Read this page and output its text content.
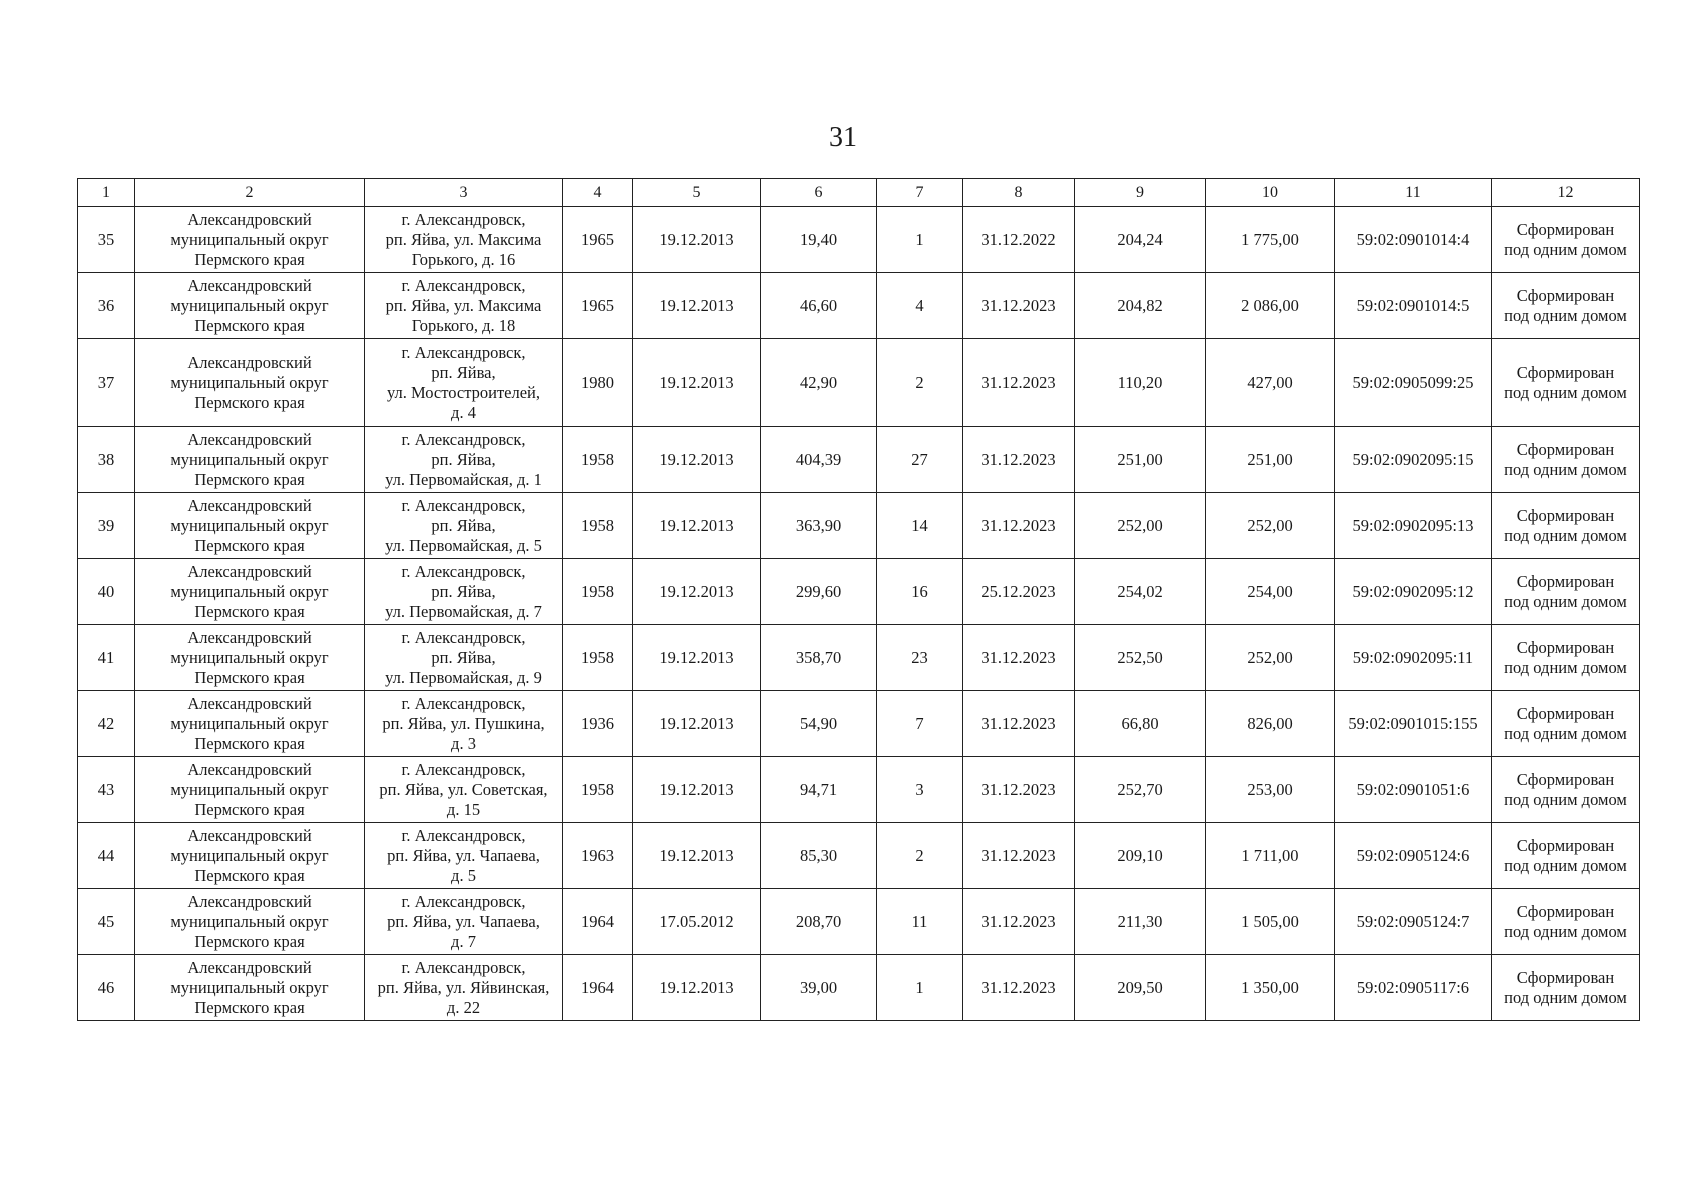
31
1	2	3	4	5	6	7	8	9	10	11	12

35	Александровский
муниципальный округ
Пермского края	г. Александровск,
рп. Яйва, ул. Максима
Горького, д. 16	1965	19.12.2013	19,40	1	31.12.2022	204,24	1 775,00	59:02:0901014:4	Сформирован
под одним домом

36	Александровский
муниципальный округ
Пермского края	г. Александровск,
рп. Яйва, ул. Максима
Горького, д. 18	1965	19.12.2013	46,60	4	31.12.2023	204,82	2 086,00	59:02:0901014:5	Сформирован
под одним домом

37	Александровский
муниципальный округ
Пермского края	г. Александровск,
рп. Яйва,
ул. Мостостроителей,
д. 4	1980	19.12.2013	42,90	2	31.12.2023	110,20	427,00	59:02:0905099:25	Сформирован
под одним домом

38	Александровский
муниципальный округ
Пермского края	г. Александровск,
рп. Яйва,
ул. Первомайская, д. 1	1958	19.12.2013	404,39	27	31.12.2023	251,00	251,00	59:02:0902095:15	Сформирован
под одним домом

39	Александровский
муниципальный округ
Пермского края	г. Александровск,
рп. Яйва,
ул. Первомайская, д. 5	1958	19.12.2013	363,90	14	31.12.2023	252,00	252,00	59:02:0902095:13	Сформирован
под одним домом

40	Александровский
муниципальный округ
Пермского края	г. Александровск,
рп. Яйва,
ул. Первомайская, д. 7	1958	19.12.2013	299,60	16	25.12.2023	254,02	254,00	59:02:0902095:12	Сформирован
под одним домом

41	Александровский
муниципальный округ
Пермского края	г. Александровск,
рп. Яйва,
ул. Первомайская, д. 9	1958	19.12.2013	358,70	23	31.12.2023	252,50	252,00	59:02:0902095:11	Сформирован
под одним домом

42	Александровский
муниципальный округ
Пермского края	г. Александровск,
рп. Яйва, ул. Пушкина,
д. 3	1936	19.12.2013	54,90	7	31.12.2023	66,80	826,00	59:02:0901015:155	Сформирован
под одним домом

43	Александровский
муниципальный округ
Пермского края	г. Александровск,
рп. Яйва, ул. Советская,
д. 15	1958	19.12.2013	94,71	3	31.12.2023	252,70	253,00	59:02:0901051:6	Сформирован
под одним домом

44	Александровский
муниципальный округ
Пермского края	г. Александровск,
рп. Яйва, ул. Чапаева,
д. 5	1963	19.12.2013	85,30	2	31.12.2023	209,10	1 711,00	59:02:0905124:6	Сформирован
под одним домом

45	Александровский
муниципальный округ
Пермского края	г. Александровск,
рп. Яйва, ул. Чапаева,
д. 7	1964	17.05.2012	208,70	11	31.12.2023	211,30	1 505,00	59:02:0905124:7	Сформирован
под одним домом

46	Александровский
муниципальный округ
Пермского края	г. Александровск,
рп. Яйва, ул. Яйвинская,
д. 22	1964	19.12.2013	39,00	1	31.12.2023	209,50	1 350,00	59:02:0905117:6	Сформирован
под одним домом
